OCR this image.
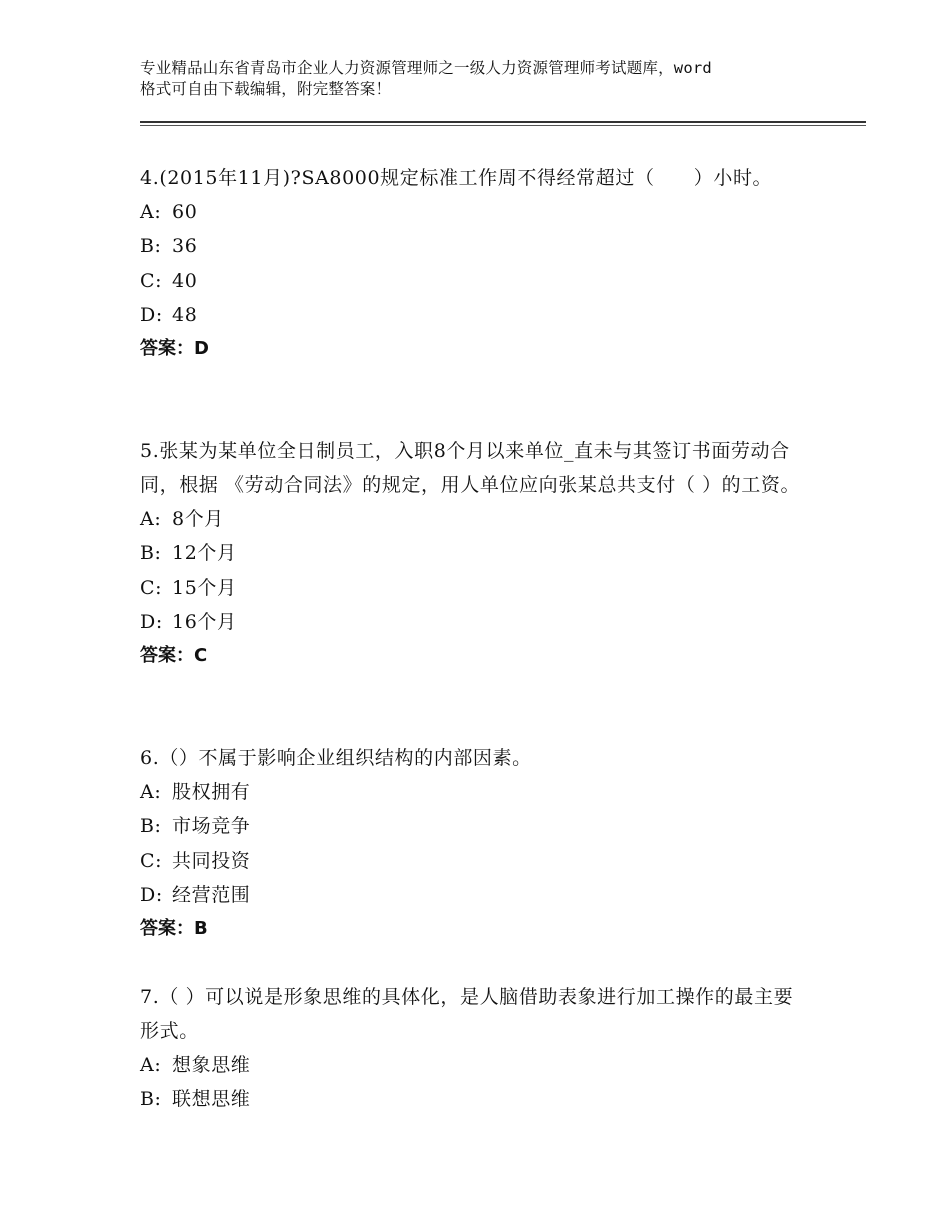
专业精品山东省青岛市企业人力资源管理师之一级人力资源管理师考试题库，word
格式可自由下载编辑，附完整答案！

4.(2015年11月)?SA8000规定标准工作周不得经常超过（　　）小时。

A: 60

B: 36

C: 40

D: 48

答案：D

5.张某为某单位全日制员工，入职8个月以来单位_直未与其签订书面劳动合同，根据 《劳动合同法》的规定，用人单位应向张某总共支付（ ）的工资。

A: 8个月

B: 12个月

C: 15个月

D: 16个月

答案：C

6.（）不属于影响企业组织结构的内部因素。

A: 股权拥有

B: 市场竞争

C: 共同投资

D: 经营范围

答案：B

7.（ ）可以说是形象思维的具体化，是人脑借助表象进行加工操作的最主要形式。

A: 想象思维

B: 联想思维
